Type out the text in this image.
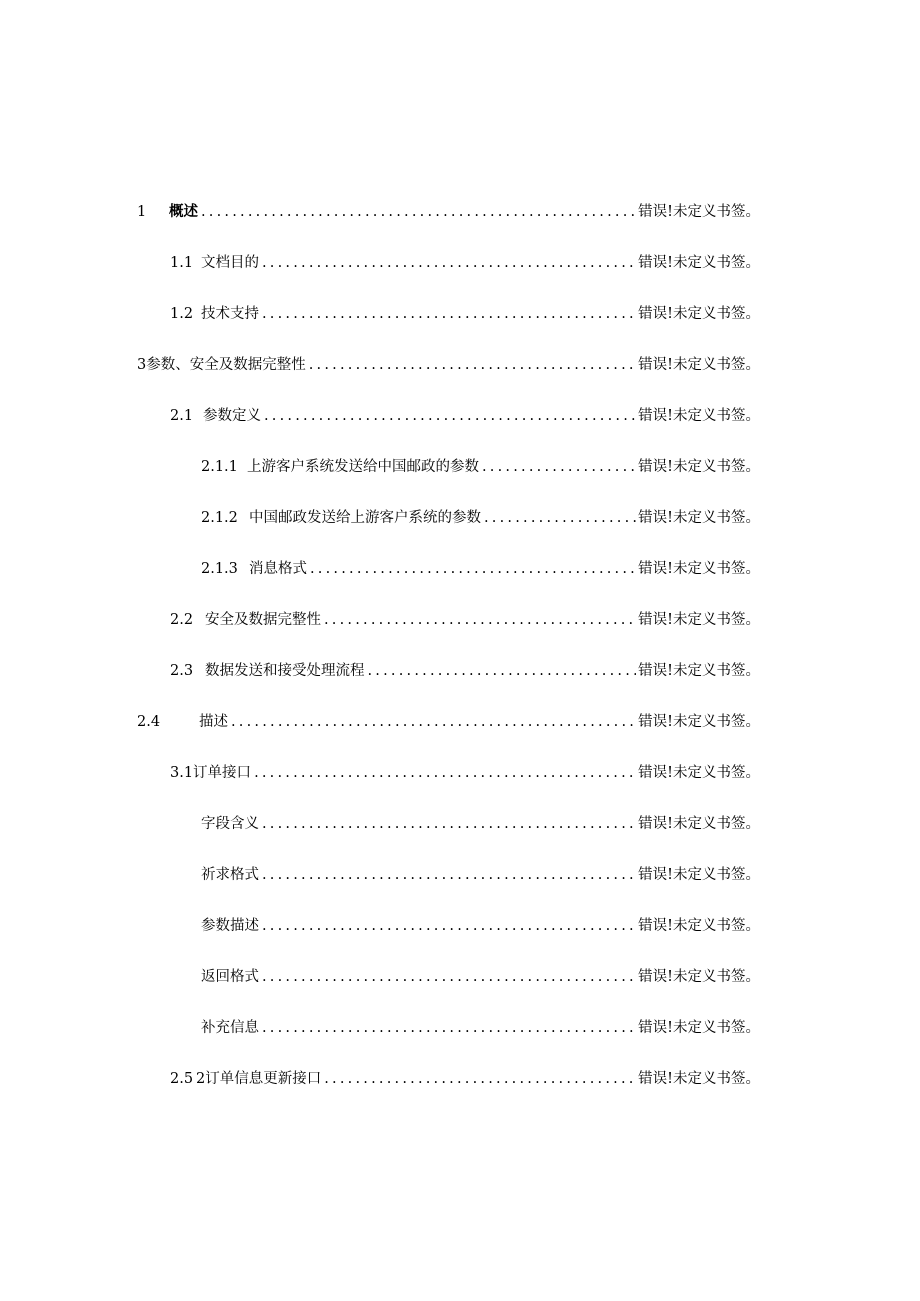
1	概述 .....	错误!未定义书签。
1.1 文档目的 .....	错误!未定义书签。
1.2 技术支持 .....	错误!未定义书签。
3参数、安全及数据完整性 .....	错误!未定义书签。
2.1 参数定义 .....	错误!未定义书签。
2.1.1 上游客户系统发送给中国邮政的参数 .....	错误!未定义书签。
2.1.2 中国邮政发送给上游客户系统的参数 .....	错误!未定义书签。
2.1.3 消息格式 .....	错误!未定义书签。
2.2 安全及数据完整性 .....	错误!未定义书签。
2.3 数据发送和接受处理流程 .....	错误!未定义书签。
2.4	描述 .....	错误!未定义书签。
3.1订单接口 .....	错误!未定义书签。
字段含义 .....	错误!未定义书签。
祈求格式 .....	错误!未定义书签。
参数描述 .....	错误!未定义书签。
返回格式 .....	错误!未定义书签。
补充信息 .....	错误!未定义书签。
2.5 2订单信息更新接口 .....	错误!未定义书签。
